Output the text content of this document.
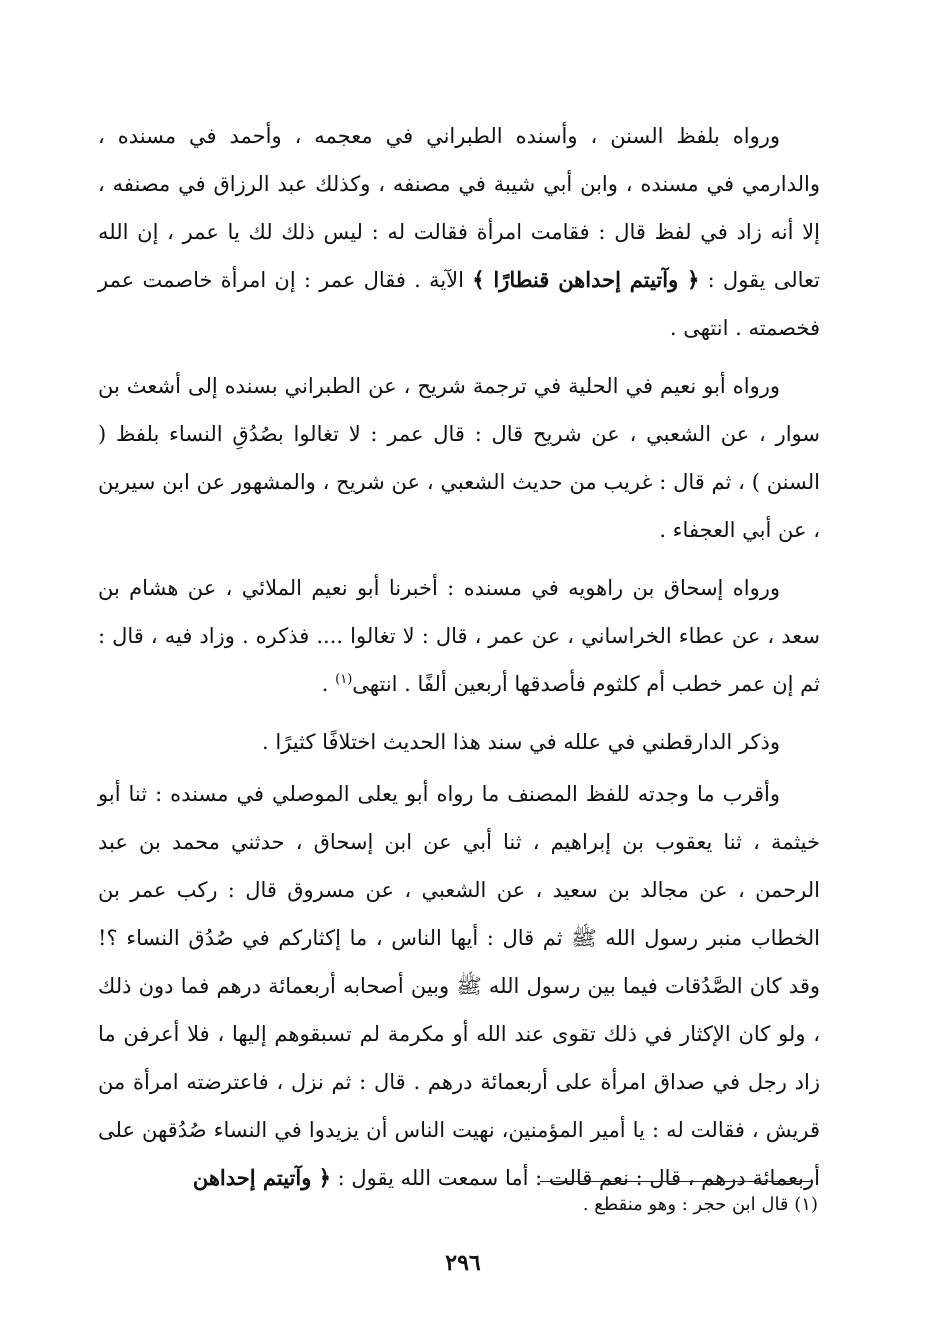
ورواه بلفظ السنن ، وأسنده الطبراني في معجمه ، وأحمد في مسنده ، والدارمي في مسنده ، وابن أبي شيبة في مصنفه ، وكذلك عبد الرزاق في مصنفه ، إلا أنه زاد في لفظ قال : فقامت امرأة فقالت له : ليس ذلك لك يا عمر ، إن الله تعالى يقول : ﴿ وآتيتم إحداهن قنطارًا ﴾ الآية . فقال عمر : إن امرأة خاصمت عمر فخصمته . انتهى .

ورواه أبو نعيم في الحلية في ترجمة شريح ، عن الطبراني بسنده إلى أشعث بن سوار ، عن الشعبي ، عن شريح قال : قال عمر : لا تغالوا بصُدُقِ النساء بلفظ ( السنن ) ، ثم قال : غريب من حديث الشعبي ، عن شريح ، والمشهور عن ابن سيرين ، عن أبي العجفاء .

ورواه إسحاق بن راهويه في مسنده : أخبرنا أبو نعيم الملائي ، عن هشام بن سعد ، عن عطاء الخراساني ، عن عمر ، قال : لا تغالوا .... فذكره . وزاد فيه ، قال : ثم إن عمر خطب أم كلثوم فأصدقها أربعين ألفًا . انتهى$^{(١)}$ .

وذكر الدارقطني في علله في سند هذا الحديث اختلافًا كثيرًا .

وأقرب ما وجدته للفظ المصنف ما رواه أبو يعلى الموصلي في مسنده : ثنا أبو خيثمة ، ثنا يعقوب بن إبراهيم ، ثنا أبي عن ابن إسحاق ، حدثني محمد بن عبد الرحمن ، عن مجالد بن سعيد ، عن الشعبي ، عن مسروق قال : ركب عمر بن الخطاب منبر رسول الله ﷺ ثم قال : أيها الناس ، ما إكثاركم في صُدُق النساء ؟! وقد كان الصَّدُقات فيما بين رسول الله ﷺ وبين أصحابه أربعمائة درهم فما دون ذلك ، ولو كان الإكثار في ذلك تقوى عند الله أو مكرمة لم تسبقوهم إليها ، فلا أعرفن ما زاد رجل في صداق امرأة على أربعمائة درهم . قال : ثم نزل ، فاعترضته امرأة من قريش ، فقالت له : يا أمير المؤمنين، نهيت الناس أن يزيدوا في النساء صُدُقهن على أربعمائة درهم ، قال : نعم قالت : أما سمعت الله يقول : ﴿ وآتيتم إحداهن

(١) قال ابن حجر : وهو منقطع .
٢٩٦
